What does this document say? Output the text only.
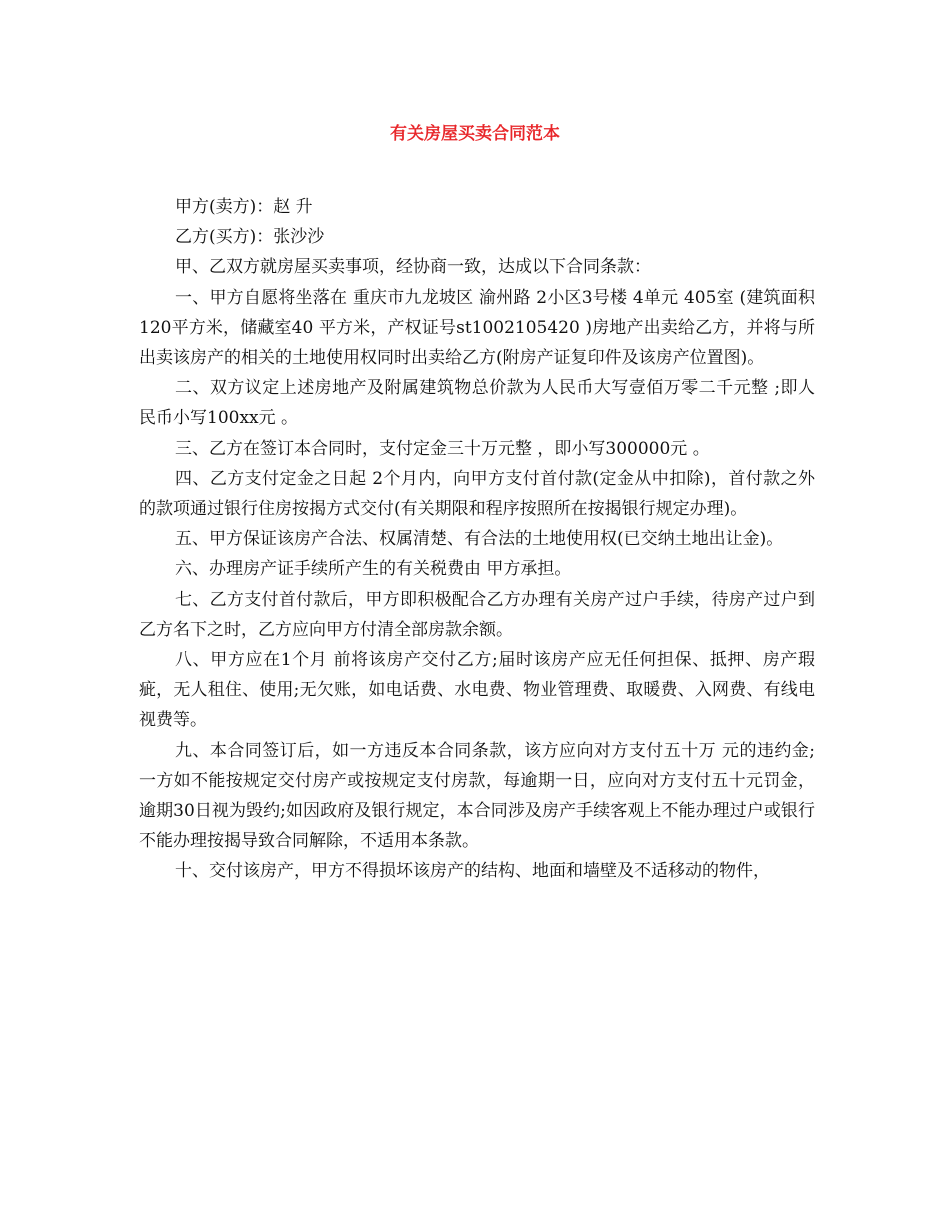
有关房屋买卖合同范本

甲方(卖方)：赵 升

乙方(买方)：张沙沙

甲、乙双方就房屋买卖事项，经协商一致，达成以下合同条款：

一、甲方自愿将坐落在 重庆市九龙坡区 渝州路 2小区3号楼 4单元 405室 (建筑面积120平方米，储藏室40 平方米，产权证号st1002105420 )房地产出卖给乙方，并将与所出卖该房产的相关的土地使用权同时出卖给乙方(附房产证复印件及该房产位置图)。

二、双方议定上述房地产及附属建筑物总价款为人民币大写壹佰万零二千元整 ;即人民币小写100xx元 。

三、乙方在签订本合同时，支付定金三十万元整 ，即小写300000元 。

四、乙方支付定金之日起 2个月内，向甲方支付首付款(定金从中扣除)，首付款之外的款项通过银行住房按揭方式交付(有关期限和程序按照所在按揭银行规定办理)。

五、甲方保证该房产合法、权属清楚、有合法的土地使用权(已交纳土地出让金)。

六、办理房产证手续所产生的有关税费由 甲方承担。

七、乙方支付首付款后，甲方即积极配合乙方办理有关房产过户手续，待房产过户到乙方名下之时，乙方应向甲方付清全部房款余额。

八、甲方应在1个月 前将该房产交付乙方;届时该房产应无任何担保、抵押、房产瑕疵，无人租住、使用;无欠账，如电话费、水电费、物业管理费、取暖费、入网费、有线电视费等。

九、本合同签订后，如一方违反本合同条款，该方应向对方支付五十万 元的违约金;一方如不能按规定交付房产或按规定支付房款，每逾期一日，应向对方支付五十元罚金，逾期30日视为毁约;如因政府及银行规定，本合同涉及房产手续客观上不能办理过户或银行不能办理按揭导致合同解除，不适用本条款。

十、交付该房产，甲方不得损坏该房产的结构、地面和墙壁及不适移动的物件，
